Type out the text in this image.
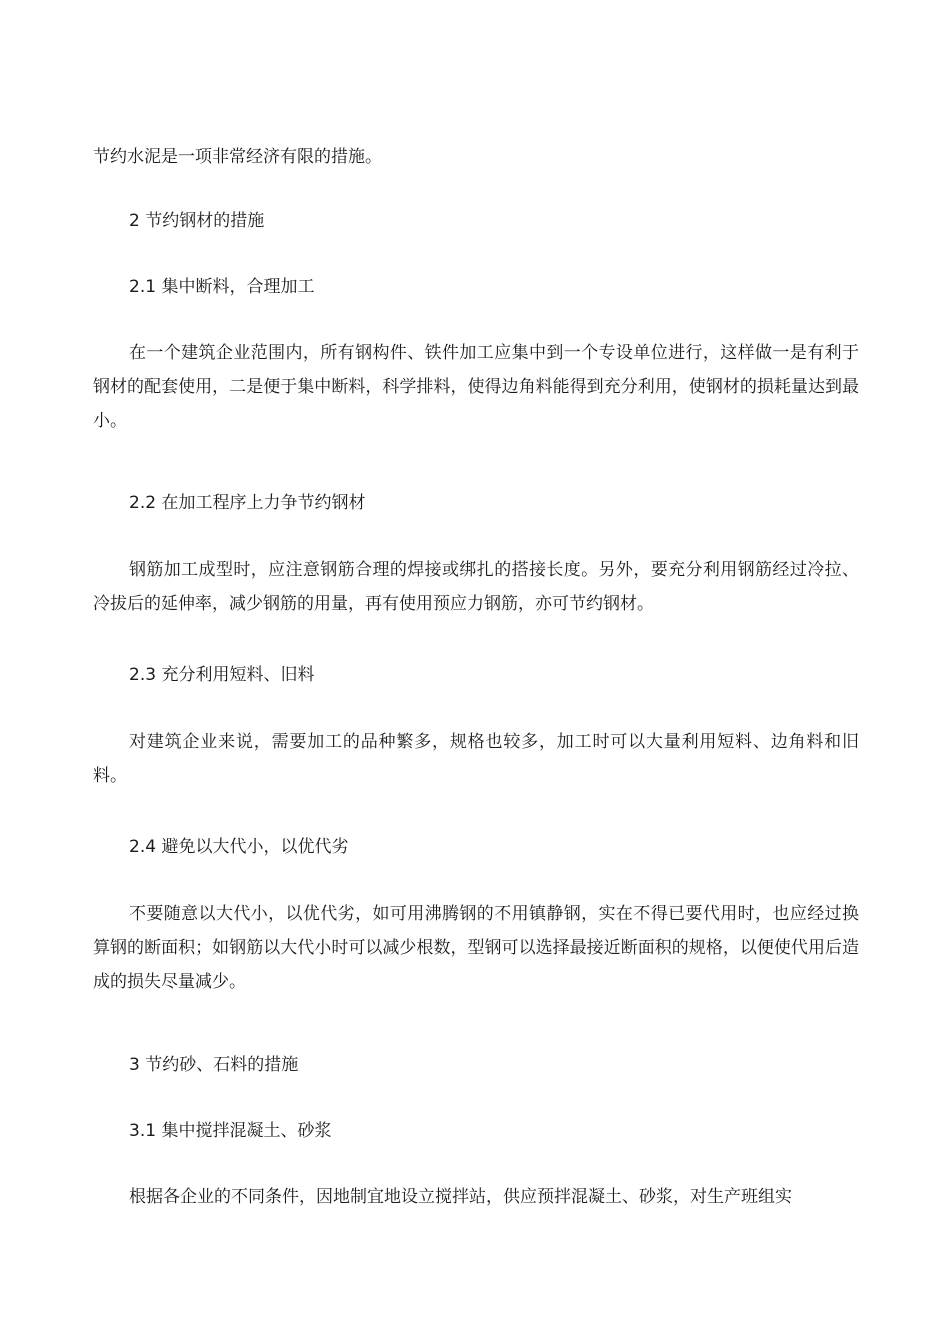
节约水泥是一项非常经济有限的措施。
2 节约钢材的措施
2.1 集中断料，合理加工
在一个建筑企业范围内，所有钢构件、铁件加工应集中到一个专设单位进行，这样做一是有利于钢材的配套使用，二是便于集中断料，科学排料，使得边角料能得到充分利用，使钢材的损耗量达到最小。
2.2 在加工程序上力争节约钢材
钢筋加工成型时，应注意钢筋合理的焊接或绑扎的搭接长度。另外，要充分利用钢筋经过冷拉、冷拔后的延伸率，减少钢筋的用量，再有使用预应力钢筋，亦可节约钢材。
2.3 充分利用短料、旧料
对建筑企业来说，需要加工的品种繁多，规格也较多，加工时可以大量利用短料、边角料和旧料。
2.4 避免以大代小，以优代劣
不要随意以大代小，以优代劣，如可用沸腾钢的不用镇静钢，实在不得已要代用时，也应经过换算钢的断面积；如钢筋以大代小时可以减少根数，型钢可以选择最接近断面积的规格，以便使代用后造成的损失尽量减少。
3 节约砂、石料的措施
3.1 集中搅拌混凝土、砂浆
根据各企业的不同条件，因地制宜地设立搅拌站，供应预拌混凝土、砂浆，对生产班组实
